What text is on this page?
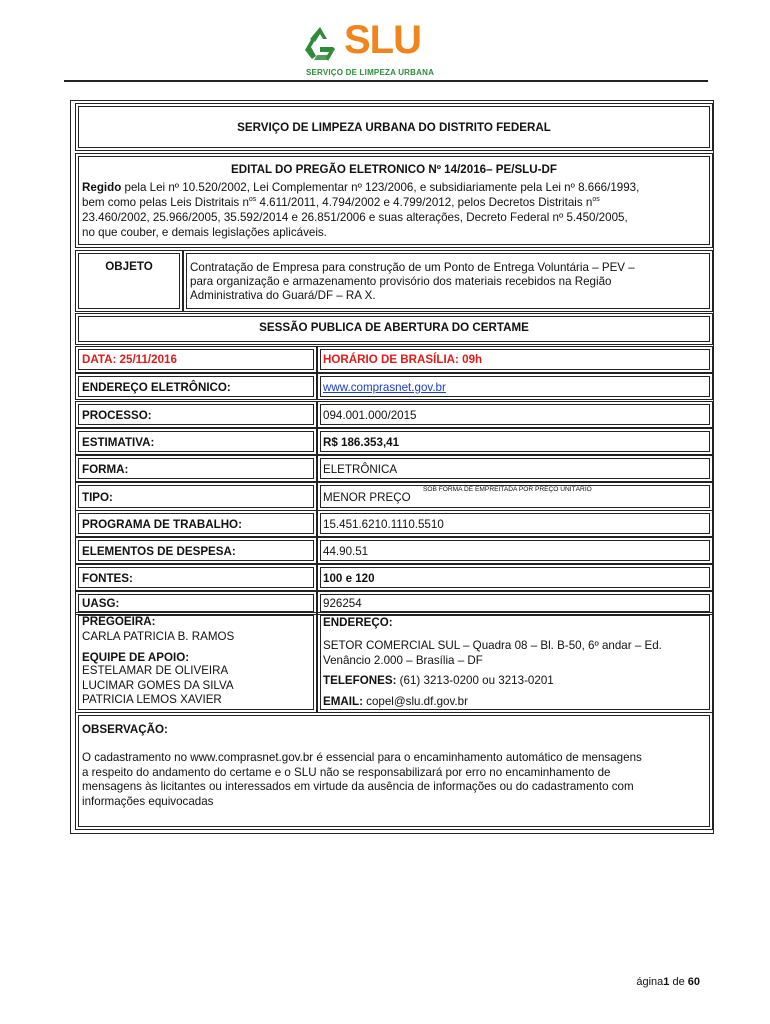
SLU
SERVIÇO DE LIMPEZA URBANA
SERVIÇO DE LIMPEZA URBANA DO DISTRITO FEDERAL
EDITAL DO PREGÃO ELETRONICO Nº 14/2016– PE/SLU-DF
Regido pela Lei nº 10.520/2002, Lei Complementar nº 123/2006, e subsidiariamente pela Lei nº 8.666/1993,
bem como pelas Leis Distritais $n^{os}$ 4.611/2011, 4.794/2002 e 4.799/2012, pelos Decretos Distritais $n^{os}$
23.460/2002, 25.966/2005, 35.592/2014 e 26.851/2006 e suas alterações, Decreto Federal nº 5.450/2005,
no que couber, e demais legislações aplicáveis.
OBJETO	Contratação de Empresa para construção de um Ponto de Entrega Voluntária – PEV –
para organização e armazenamento provisório dos materiais recebidos na Região
Administrativa do Guará/DF – RA X.
SESSÃO PUBLICA DE ABERTURA DO CERTAME
DATA: 25/11/2016	HORÁRIO DE BRASÍLIA: 09h
ENDEREÇO ELETRÔNICO:	www.comprasnet.gov.br
PROCESSO:	094.001.000/2015
ESTIMATIVA:	R$ 186.353,41
FORMA:	ELETRÔNICA
TIPO:	MENOR PREÇO
SOB FORMA DE EMPREITADA POR PREÇO UNITÁRIO
PROGRAMA DE TRABALHO:	15.451.6210.1110.5510
ELEMENTOS DE DESPESA:	44.90.51
FONTES:	100 e 120
UASG:	926254
PREGOEIRA:
CARLA PATRICIA B. RAMOS
EQUIPE DE APOIO:
ESTELAMAR DE OLIVEIRA
LUCIMAR GOMES DA SILVA
PATRICIA LEMOS XAVIER
ENDEREÇO:
SETOR COMERCIAL SUL – Quadra 08 – Bl. B-50, 6º andar – Ed.
Venâncio 2.000 – Brasília – DF
TELEFONES: (61) 3213-0200 ou 3213-0201
EMAIL: copel@slu.df.gov.br
OBSERVAÇÃO:
O cadastramento no www.comprasnet.gov.br é essencial para o encaminhamento automático de mensagens
a respeito do andamento do certame e o SLU não se responsabilizará por erro no encaminhamento de
mensagens às licitantes ou interessados em virtude da ausência de informações ou do cadastramento com
informações equivocadas
ágina1 de 60
